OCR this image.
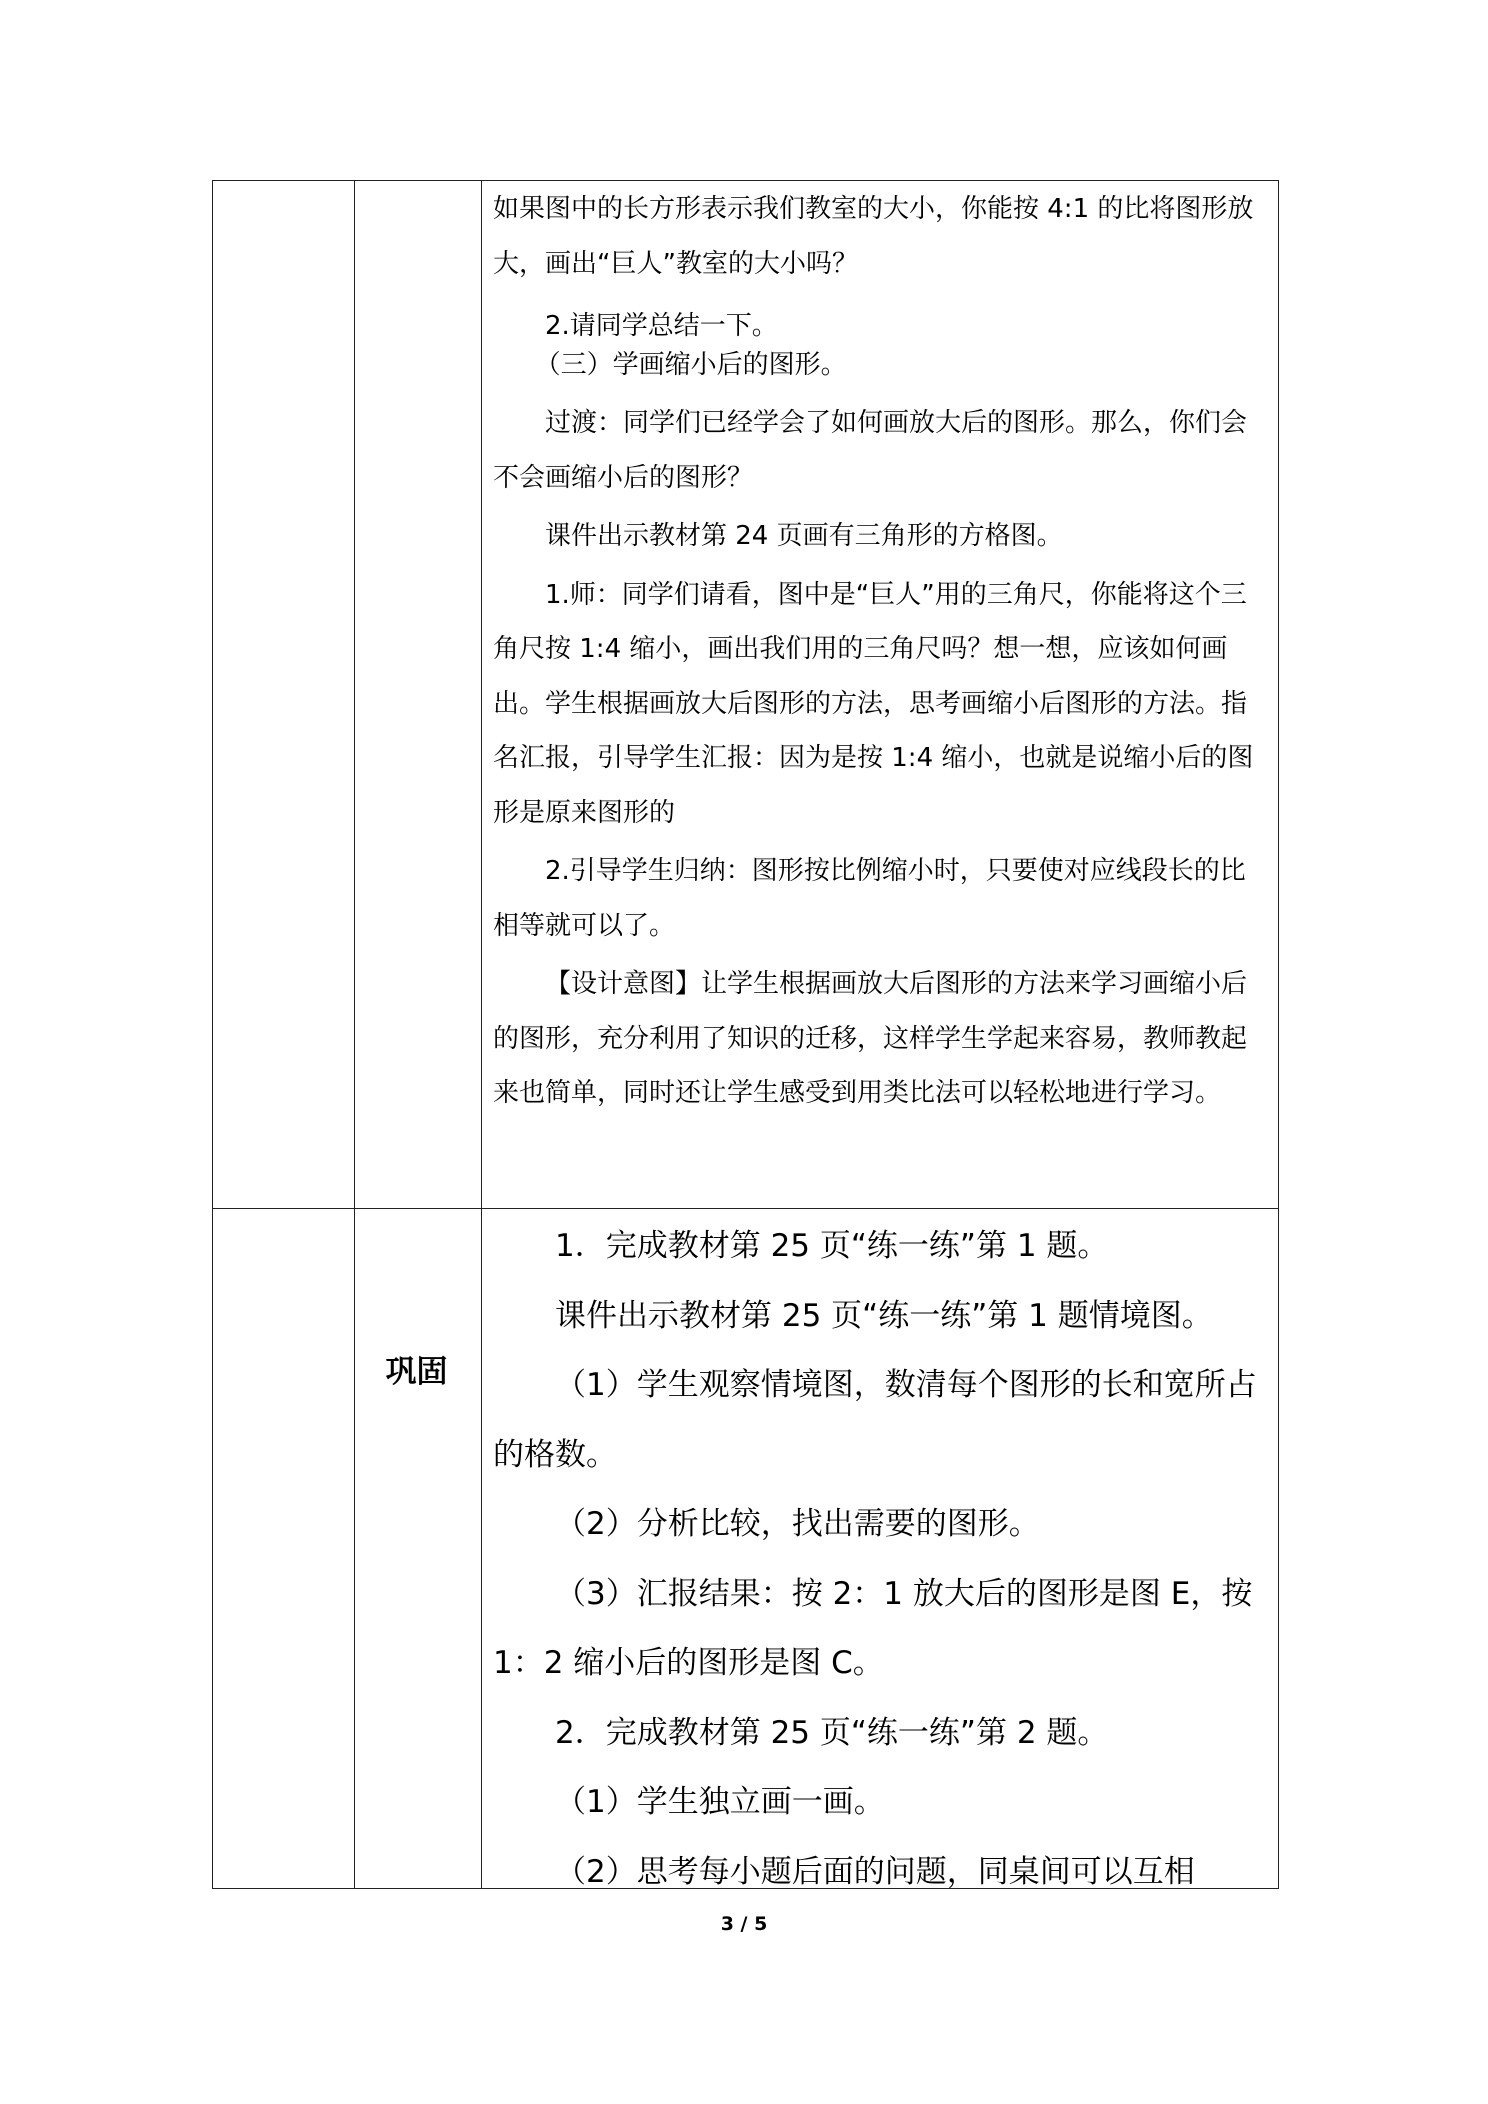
如果图中的长方形表示我们教室的大小，你能按 4:1 的比将图形放大，画出“巨人”教室的大小吗？

2.请同学总结一下。

（三）学画缩小后的图形。

过渡：同学们已经学会了如何画放大后的图形。那么，你们会不会画缩小后的图形？

课件出示教材第 24 页画有三角形的方格图。

1.师：同学们请看，图中是“巨人”用的三角尺，你能将这个三角尺按 1:4 缩小，画出我们用的三角尺吗？想一想，应该如何画出。学生根据画放大后图形的方法，思考画缩小后图形的方法。指名汇报，引导学生汇报：因为是按 1:4 缩小，也就是说缩小后的图形是原来图形的

2.引导学生归纳：图形按比例缩小时，只要使对应线段长的比相等就可以了。

【设计意图】让学生根据画放大后图形的方法来学习画缩小后的图形，充分利用了知识的迁移，这样学生学起来容易，教师教起来也简单，同时还让学生感受到用类比法可以轻松地进行学习。

1．完成教材第 25 页“练一练”第 1 题。

课件出示教材第 25 页“练一练”第 1 题情境图。

（1）学生观察情境图，数清每个图形的长和宽所占的格数。

（2）分析比较，找出需要的图形。

（3）汇报结果：按 2：1 放大后的图形是图 E，按 1：2 缩小后的图形是图 C。

2．完成教材第 25 页“练一练”第 2 题。

（1）学生独立画一画。

（2）思考每小题后面的问题，同桌间可以互相

巩固
3 / 5
